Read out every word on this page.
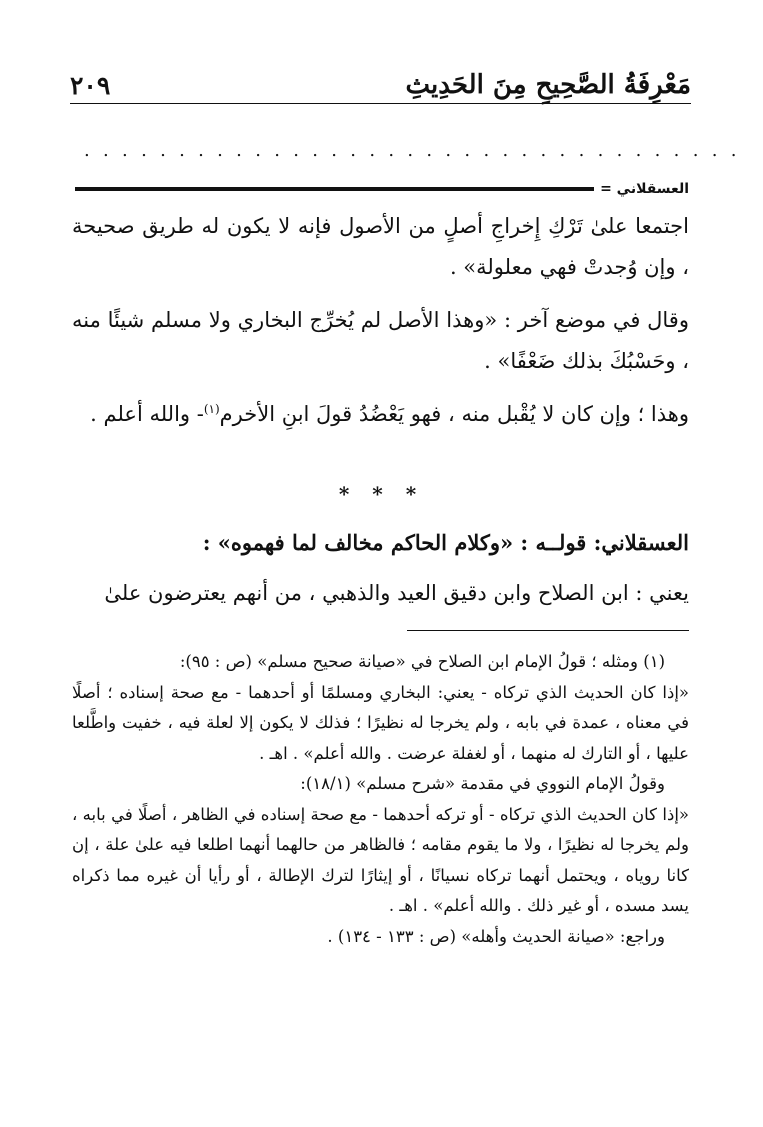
٢٠٩	مَعْرِفَةُ الصَّحِيحِ مِنَ الحَدِيثِ
...................................
العسقلاني =

اجتمعا علىٰ تَرْكِ إِخراجِ أصلٍ من الأصول فإنه لا يكون له طريق صحيحة ، وإن وُجدتْ فهي معلولة» .

وقال في موضع آخر : «وهذا الأصل لم يُخرِّج البخاري ولا مسلم شيئًا منه ، وحَسْبُكَ بذلك ضَعْفًا» .

وهذا ؛ وإن كان لا يُقْبل منه ، فهو يَعْضُدُ قولَ ابنِ الأخرم$^{(١)}$- والله أعلم .

* * *
العسقلاني: قولــه : «وكلام الحاكم مخالف لما فهموه» :
يعني : ابن الصلاح وابن دقيق العيد والذهبي ، من أنهم يعترضون علىٰ

(١) ومثله ؛ قولُ الإمام ابن الصلاح في «صيانة صحيح مسلم» (ص : ٩٥):

«إذا كان الحديث الذي تركاه - يعني: البخاري ومسلمًا أو أحدهما - مع صحة إسناده ؛ أصلًا في معناه ، عمدة في بابه ، ولم يخرجا له نظيرًا ؛ فذلك لا يكون إلا لعلة فيه ، خفيت واطَّلعا عليها ، أو التارك له منهما ، أو لغفلة عرضت . والله أعلم» . اهـ .

وقولُ الإمام النووي في مقدمة «شرح مسلم» (١٨/١):

«إذا كان الحديث الذي تركاه - أو تركه أحدهما - مع صحة إسناده في الظاهر ، أصلًا في بابه ، ولم يخرجا له نظيرًا ، ولا ما يقوم مقامه ؛ فالظاهر من حالهما أنهما اطلعا فيه علىٰ علة ، إن كانا روياه ، ويحتمل أنهما تركاه نسيانًا ، أو إيثارًا لترك الإطالة ، أو رأيا أن غيره مما ذكراه يسد مسده ، أو غير ذلك . والله أعلم» . اهـ .

وراجع: «صيانة الحديث وأهله» (ص : ١٣٣ - ١٣٤) .
